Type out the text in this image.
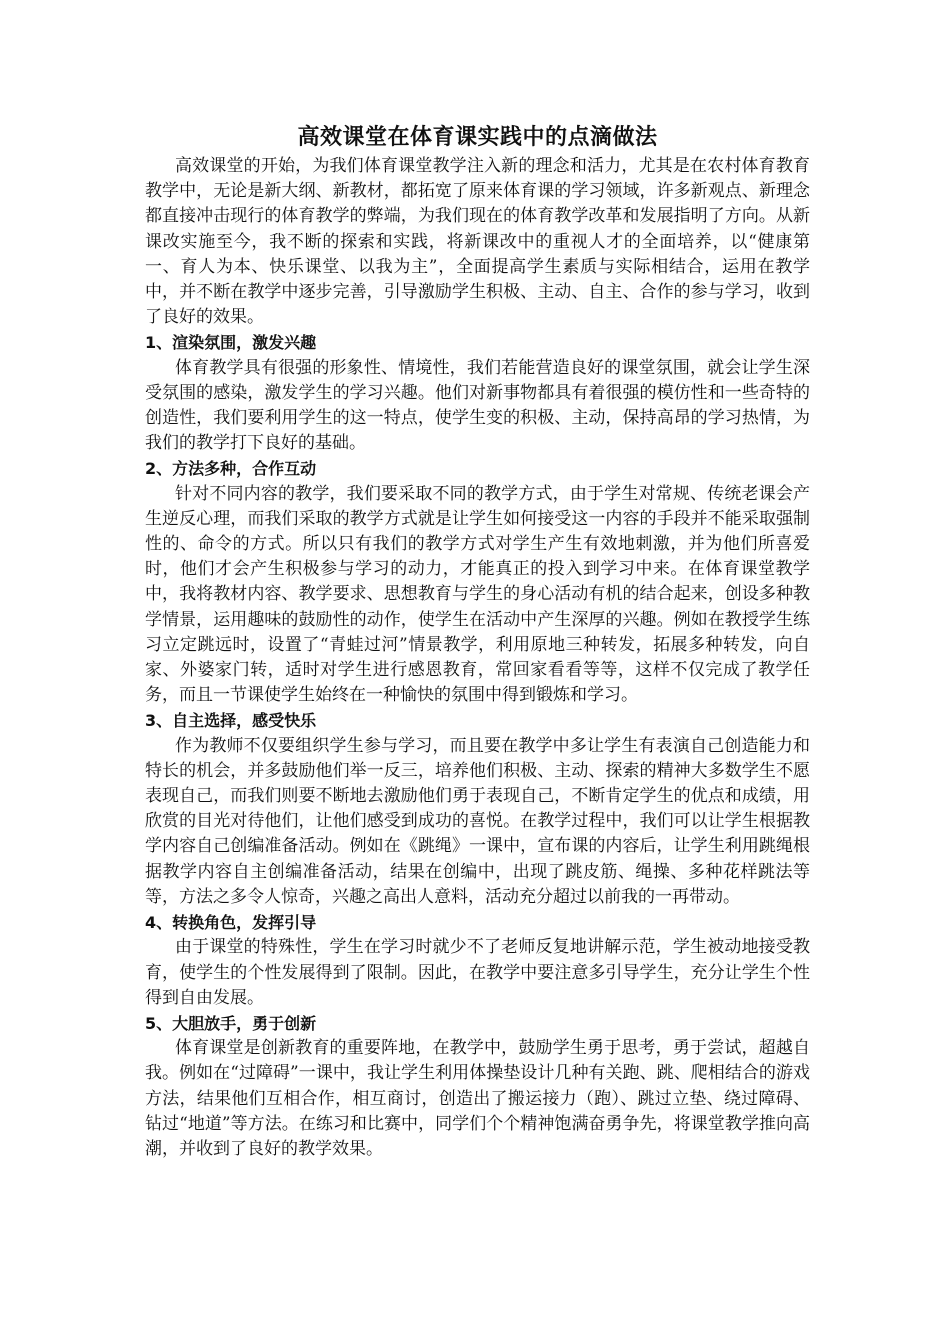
高效课堂在体育课实践中的点滴做法

高效课堂的开始，为我们体育课堂教学注入新的理念和活力，尤其是在农村体育教育教学中，无论是新大纲、新教材，都拓宽了原来体育课的学习领域，许多新观点、新理念都直接冲击现行的体育教学的弊端，为我们现在的体育教学改革和发展指明了方向。从新课改实施至今，我不断的探索和实践，将新课改中的重视人才的全面培养，以“健康第一、育人为本、快乐课堂、以我为主”，全面提高学生素质与实际相结合，运用在教学中，并不断在教学中逐步完善，引导激励学生积极、主动、自主、合作的参与学习，收到了良好的效果。

1、渲染氛围，激发兴趣

体育教学具有很强的形象性、情境性，我们若能营造良好的课堂氛围，就会让学生深受氛围的感染，激发学生的学习兴趣。他们对新事物都具有着很强的模仿性和一些奇特的创造性，我们要利用学生的这一特点，使学生变的积极、主动，保持高昂的学习热情，为我们的教学打下良好的基础。

2、方法多种，合作互动

针对不同内容的教学，我们要采取不同的教学方式，由于学生对常规、传统老课会产生逆反心理，而我们采取的教学方式就是让学生如何接受这一内容的手段并不能采取强制性的、命令的方式。所以只有我们的教学方式对学生产生有效地刺激，并为他们所喜爱时，他们才会产生积极参与学习的动力，才能真正的投入到学习中来。在体育课堂教学中，我将教材内容、教学要求、思想教育与学生的身心活动有机的结合起来，创设多种教学情景，运用趣味的鼓励性的动作，使学生在活动中产生深厚的兴趣。例如在教授学生练习立定跳远时，设置了“青蛙过河”情景教学，利用原地三种转发，拓展多种转发，向自家、外婆家门转，适时对学生进行感恩教育，常回家看看等等，这样不仅完成了教学任务，而且一节课使学生始终在一种愉快的氛围中得到锻炼和学习。

3、自主选择，感受快乐

作为教师不仅要组织学生参与学习，而且要在教学中多让学生有表演自己创造能力和特长的机会，并多鼓励他们举一反三，培养他们积极、主动、探索的精神大多数学生不愿表现自己，而我们则要不断地去激励他们勇于表现自己，不断肯定学生的优点和成绩，用欣赏的目光对待他们，让他们感受到成功的喜悦。在教学过程中，我们可以让学生根据教学内容自己创编准备活动。例如在《跳绳》一课中，宣布课的内容后，让学生利用跳绳根据教学内容自主创编准备活动，结果在创编中，出现了跳皮筋、绳操、多种花样跳法等等，方法之多令人惊奇，兴趣之高出人意料，活动充分超过以前我的一再带动。

4、转换角色，发挥引导

由于课堂的特殊性，学生在学习时就少不了老师反复地讲解示范，学生被动地接受教育，使学生的个性发展得到了限制。因此，在教学中要注意多引导学生，充分让学生个性得到自由发展。

5、大胆放手，勇于创新

体育课堂是创新教育的重要阵地，在教学中，鼓励学生勇于思考，勇于尝试，超越自我。例如在“过障碍”一课中，我让学生利用体操垫设计几种有关跑、跳、爬相结合的游戏方法，结果他们互相合作，相互商讨，创造出了搬运接力（跑）、跳过立垫、绕过障碍、钻过“地道”等方法。在练习和比赛中，同学们个个精神饱满奋勇争先，将课堂教学推向高潮，并收到了良好的教学效果。
